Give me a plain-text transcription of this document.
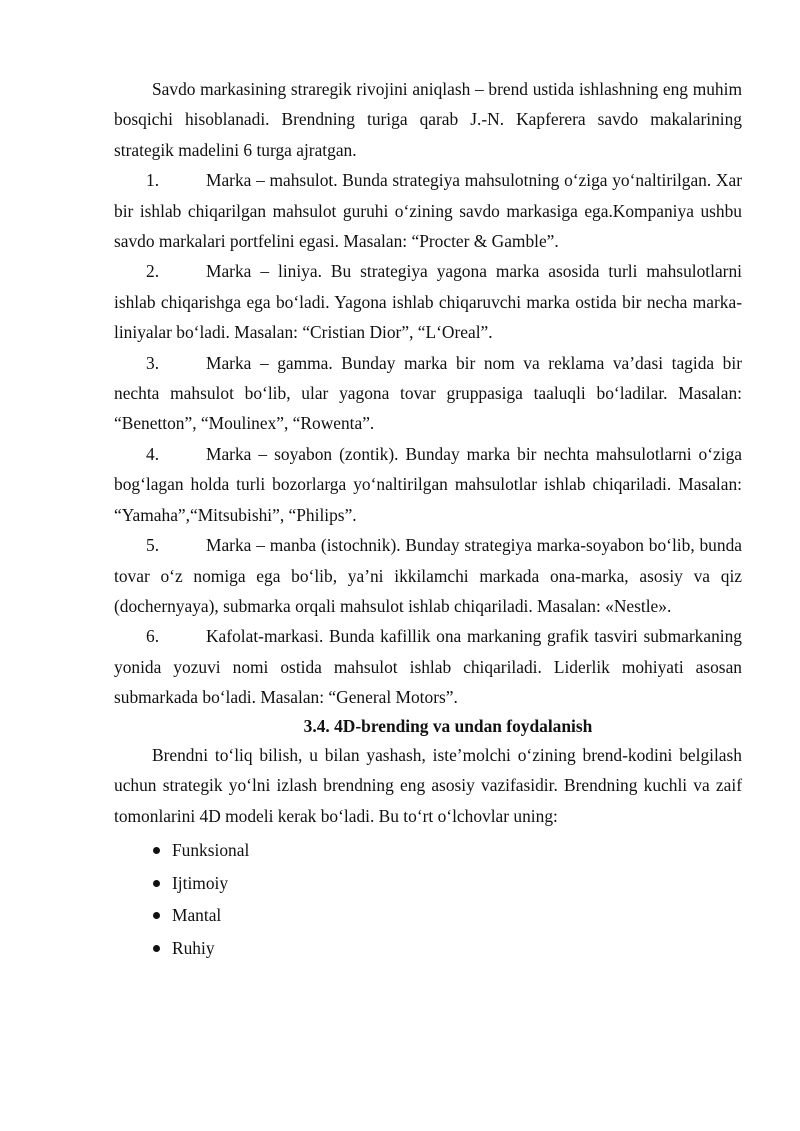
Savdo markasining straregik rivojini aniqlash – brend ustida ishlashning eng muhim bosqichi hisoblanadi. Brendning turiga qarab J.-N. Kapferera savdo makalarining strategik madelini 6 turga ajratgan.

1.	Marka – mahsulot. Bunda strategiya mahsulotning oʻziga yoʻnaltirilgan. Xar bir ishlab chiqarilgan mahsulot guruhi oʻzining savdo markasiga ega.Kompaniya ushbu savdo markalari portfelini egasi. Masalan: “Procter & Gamble”.

2.	Marka – liniya. Bu strategiya yagona marka asosida turli mahsulotlarni ishlab chiqarishga ega boʻladi. Yagona ishlab chiqaruvchi marka ostida bir necha marka-liniyalar boʻladi. Masalan: “Cristian Dior”, “L‘Oreal”.

3.	Marka – gamma. Bunday marka bir nom va reklama va’dasi tagida bir nechta mahsulot boʻlib, ular yagona tovar gruppasiga taaluqli boʻladilar. Masalan: “Benetton”, “Moulinex”, “Rowenta”.

4.	Marka – soyabon (zontik). Bunday marka bir nechta mahsulotlarni oʻziga bogʻlagan holda turli bozorlarga yoʻnaltirilgan mahsulotlar ishlab chiqariladi. Masalan: “Yamaha”,“Mitsubishi”, “Philips”.

5.	Marka – manba (istochnik). Bunday strategiya marka-soyabon boʻlib, bunda tovar oʻz nomiga ega boʻlib, ya’ni ikkilamchi markada ona-marka, asosiy va qiz (dochernyaya), submarka orqali mahsulot ishlab chiqariladi. Masalan: «Nestle».

6.	Kafolat-markasi. Bunda kafillik ona markaning grafik tasviri submarkaning yonida yozuvi nomi ostida mahsulot ishlab chiqariladi. Liderlik mohiyati asosan submarkada boʻladi. Masalan: “General Motors”.

3.4. 4D-brending va undan foydalanish

Brendni toʻliq bilish, u bilan yashash, iste’molchi oʻzining brend-kodini belgilash uchun strategik yoʻlni izlash brendning eng asosiy vazifasidir. Brendning kuchli va zaif tomonlarini 4D modeli kerak boʻladi. Bu toʻrt oʻlchovlar uning:

Funksional
Ijtimoiy
Mantal
Ruhiy
